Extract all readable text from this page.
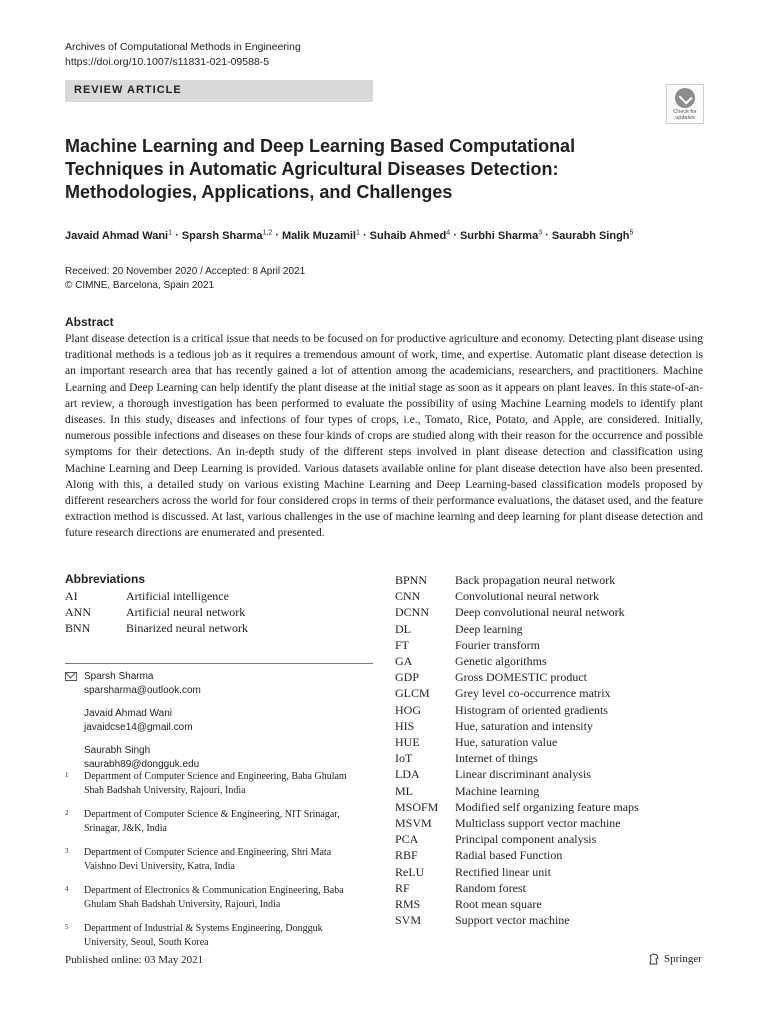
Archives of Computational Methods in Engineering
https://doi.org/10.1007/s11831-021-09588-5
REVIEW ARTICLE
Check for
updates
Machine Learning and Deep Learning Based Computational Techniques in Automatic Agricultural Diseases Detection: Methodologies, Applications, and Challenges
Javaid Ahmad Wani$^1$ · Sparsh Sharma$^{1,2}$ · Malik Muzamil$^1$ · Suhaib Ahmed$^4$ · Surbhi Sharma$^3$ · Saurabh Singh$^5$
Received: 20 November 2020 / Accepted: 8 April 2021
© CIMNE, Barcelona, Spain 2021
Abstract
Plant disease detection is a critical issue that needs to be focused on for productive agriculture and economy. Detecting plant disease using traditional methods is a tedious job as it requires a tremendous amount of work, time, and expertise. Automatic plant disease detection is an important research area that has recently gained a lot of attention among the academicians, researchers, and practitioners. Machine Learning and Deep Learning can help identify the plant disease at the initial stage as soon as it appears on plant leaves. In this state-of-an-art review, a thorough investigation has been performed to evaluate the possibility of using Machine Learning models to identify plant diseases. In this study, diseases and infections of four types of crops, i.e., Tomato, Rice, Potato, and Apple, are considered. Initially, numerous possible infections and diseases on these four kinds of crops are studied along with their reason for the occurrence and possible symptoms for their detections. An in-depth study of the different steps involved in plant disease detection and classification using Machine Learning and Deep Learning is provided. Various datasets available online for plant disease detection have also been presented. Along with this, a detailed study on various existing Machine Learning and Deep Learning-based classification models proposed by different researchers across the world for four considered crops in terms of their performance evaluations, the dataset used, and the feature extraction method is discussed. At last, various challenges in the use of machine learning and deep learning for plant disease detection and future research directions are enumerated and presented.
Abbreviations
AI	Artificial intelligence
ANN	Artificial neural network
BNN	Binarized neural network
BPNN	Back propagation neural network
CNN	Convolutional neural network
DCNN	Deep convolutional neural network
DL	Deep learning
FT	Fourier transform
GA	Genetic algorithms
GDP	Gross DOMESTIC product
GLCM	Grey level co-occurrence matrix
HOG	Histogram of oriented gradients
HIS	Hue, saturation and intensity
HUE	Hue, saturation value
IoT	Internet of things
LDA	Linear discriminant analysis
ML	Machine learning
MSOFM	Modified self organizing feature maps
MSVM	Multiclass support vector machine
PCA	Principal component analysis
RBF	Radial based Function
ReLU	Rectified linear unit
RF	Random forest
RMS	Root mean square
SVM	Support vector machine
Sparsh Sharma
sparsharma@outlook.com
Javaid Ahmad Wani
javaidcse14@gmail.com
Saurabh Singh
saurabh89@dongguk.edu
1	Department of Computer Science and Engineering, Baba Ghulam Shah Badshah University, Rajouri, India
2	Department of Computer Science & Engineering, NIT Srinagar, Srinagar, J&K, India
3	Department of Computer Science and Engineering, Shri Mata Vaishno Devi University, Katra, India
4	Department of Electronics & Communication Engineering, Baba Ghulam Shah Badshah University, Rajouri, India
5	Department of Industrial & Systems Engineering, Dongguk University, Seoul, South Korea
Published online: 03 May 2021	Springer
